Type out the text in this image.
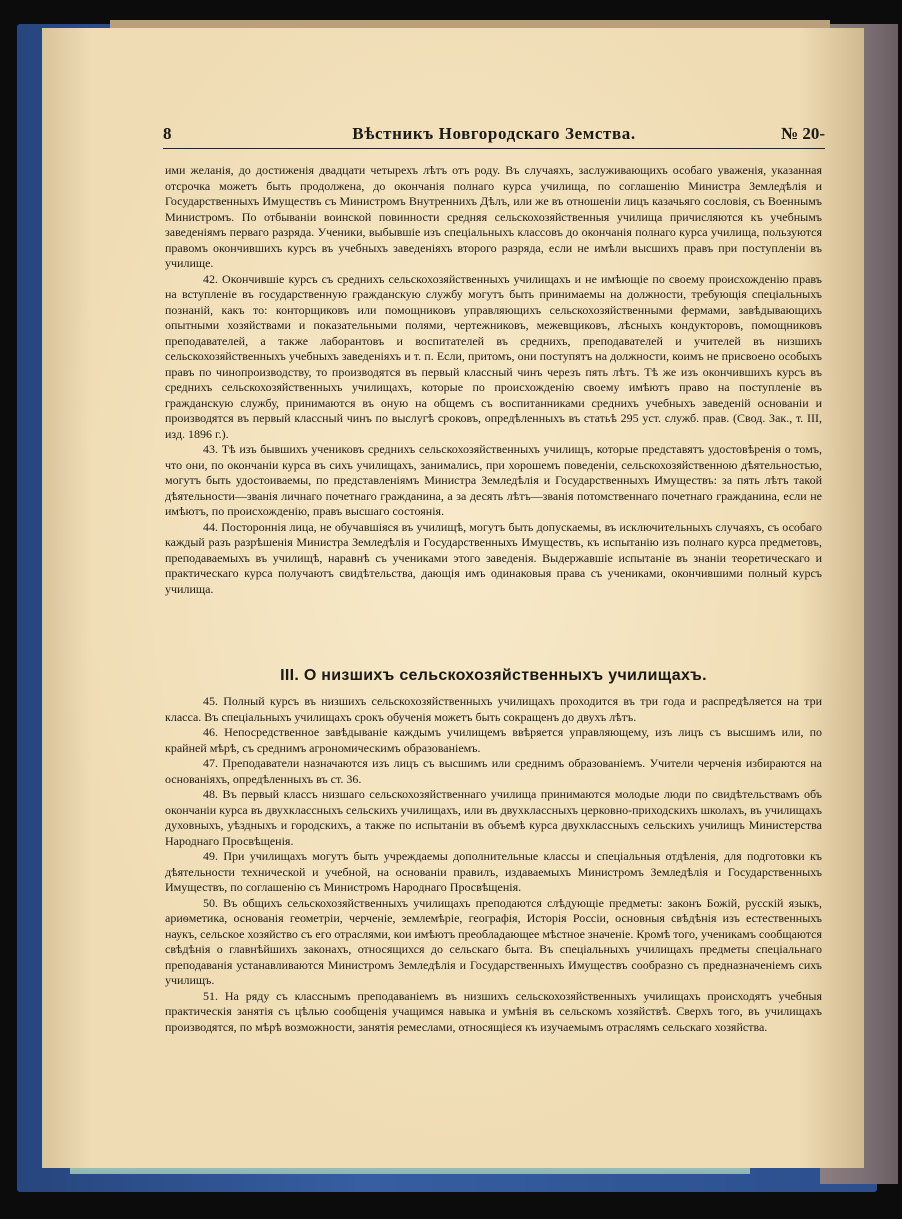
8	Вѣстникъ Новгородскаго Земства.	№ 20-

ими желанія, до достиженія двадцати четырехъ лѣтъ отъ роду. Въ случаяхъ, заслуживающихъ особаго уваженія, указанная отсрочка можетъ быть продолжена, до окончанія полнаго курса училища, по соглашенію Министра Земледѣлія и Государственныхъ Имуществъ съ Министромъ Внутреннихъ Дѣлъ, или же въ отношеніи лицъ казачьяго сословія, съ Военнымъ Министромъ. По отбываніи воинской повинности средняя сельскохозяйственныя училища причисляются къ учебнымъ заведеніямъ перваго разряда. Ученики, выбывшіе изъ спеціальныхъ классовъ до окончанія полнаго курса училища, пользуются правомъ окончившихъ курсъ въ учебныхъ заведеніяхъ второго разряда, если не имѣли высшихъ правъ при поступленіи въ училище.

42. Окончившіе курсъ съ среднихъ сельскохозяйственныхъ училищахъ и не имѣющіе по своему происхожденію правъ на вступленіе въ государственную гражданскую службу могутъ быть принимаемы на должности, требующія спеціальныхъ познаній, какъ то: конторщиковъ или помощниковъ управляющихъ сельскохозяйственными фермами, завѣдывающихъ опытными хозяйствами и показательными полями, чертежниковъ, межевщиковъ, лѣсныхъ кондукторовъ, помощниковъ преподавателей, а также лаборантовъ и воспитателей въ среднихъ, преподавателей и учителей въ низшихъ сельскохозяйственныхъ учебныхъ заведеніяхъ и т. п. Если, притомъ, они поступятъ на должности, коимъ не присвоено особыхъ правъ по чинопроизводству, то производятся въ первый классный чинъ черезъ пять лѣтъ. Тѣ же изъ окончившихъ курсъ въ среднихъ сельскохозяйственныхъ училищахъ, которые по происхожденію своему имѣютъ право на поступленіе въ гражданскую службу, принимаются въ оную на общемъ съ воспитанниками среднихъ учебныхъ заведеній основаніи и производятся въ первый классный чинъ по выслугѣ сроковъ, опредѣленныхъ въ статьѣ 295 уст. служб. прав. (Свод. Зак., т. III, изд. 1896 г.).

43. Тѣ изъ бывшихъ учениковъ среднихъ сельскохозяйственныхъ училищъ, которые представятъ удостовѣренія о томъ, что они, по окончаніи курса въ сихъ училищахъ, занимались, при хорошемъ поведеніи, сельскохозяйственною дѣятельностью, могутъ быть удостоиваемы, по представленіямъ Министра Земледѣлія и Государственныхъ Имуществъ: за пять лѣтъ такой дѣятельности—званія личнаго почетнаго гражданина, а за десять лѣтъ—званія потомственнаго почетнаго гражданина, если не имѣютъ, по происхожденію, правъ высшаго состоянія.

44. Постороннія лица, не обучавшіяся въ училищѣ, могутъ быть допускаемы, въ исключительныхъ случаяхъ, съ особаго каждый разъ разрѣшенія Министра Земледѣлія и Государственныхъ Имуществъ, къ испытанію изъ полнаго курса предметовъ, преподаваемыхъ въ училищѣ, наравнѣ съ учениками этого заведенія. Выдержавшіе испытаніе въ знаніи теоретическаго и практическаго курса получаютъ свидѣтельства, дающія имъ одинаковыя права съ учениками, окончившими полный курсъ училища.

III. О низшихъ сельскохозяйственныхъ училищахъ.

45. Полный курсъ въ низшихъ сельскохозяйственныхъ училищахъ проходится въ три года и распредѣляется на три класса. Въ спеціальныхъ училищахъ срокъ обученія можетъ быть сокращенъ до двухъ лѣтъ.

46. Непосредственное завѣдываніе каждымъ училищемъ ввѣряется управляющему, изъ лицъ съ высшимъ или, по крайней мѣрѣ, съ среднимъ агрономическимъ образованіемъ.

47. Преподаватели назначаются изъ лицъ съ высшимъ или среднимъ образованіемъ. Учители черченія избираются на основаніяхъ, опредѣленныхъ въ ст. 36.

48. Въ первый классъ низшаго сельскохозяйственнаго училища принимаются молодые люди по свидѣтельствамъ объ окончаніи курса въ двухклассныхъ сельскихъ училищахъ, или въ двухклассныхъ церковно-приходскихъ школахъ, въ училищахъ духовныхъ, уѣздныхъ и городскихъ, а также по испытаніи въ объемѣ курса двухклассныхъ сельскихъ училищъ Министерства Народнаго Просвѣщенія.

49. При училищахъ могутъ быть учреждаемы дополнительные классы и спеціальныя отдѣленія, для подготовки къ дѣятельности технической и учебной, на основаніи правилъ, издаваемыхъ Министромъ Земледѣлія и Государственныхъ Имуществъ, по соглашенію съ Министромъ Народнаго Просвѣщенія.

50. Въ общихъ сельскохозяйственныхъ училищахъ преподаются слѣдующіе предметы: законъ Божій, русскій языкъ, ариѳметика, основанія геометріи, черченіе, землемѣріе, географія, Исторія Россіи, основныя свѣдѣнія изъ естественныхъ наукъ, сельское хозяйство съ его отраслями, кои имѣютъ преобладающее мѣстное значеніе. Кромѣ того, ученикамъ сообщаются свѣдѣнія о главнѣйшихъ законахъ, относящихся до сельскаго быта. Въ спеціальныхъ училищахъ предметы спеціальнаго преподаванія устанавливаются Министромъ Земледѣлія и Государственныхъ Имуществъ сообразно съ предназначеніемъ сихъ училищъ.

51. На ряду съ класснымъ преподаваніемъ въ низшихъ сельскохозяйственныхъ училищахъ происходятъ учебныя практическія занятія съ цѣлью сообщенія учащимся навыка и умѣнія въ сельскомъ хозяйствѣ. Сверхъ того, въ училищахъ производятся, по мѣрѣ возможности, занятія ремеслами, относящіеся къ изучаемымъ отраслямъ сельскаго хозяйства.
